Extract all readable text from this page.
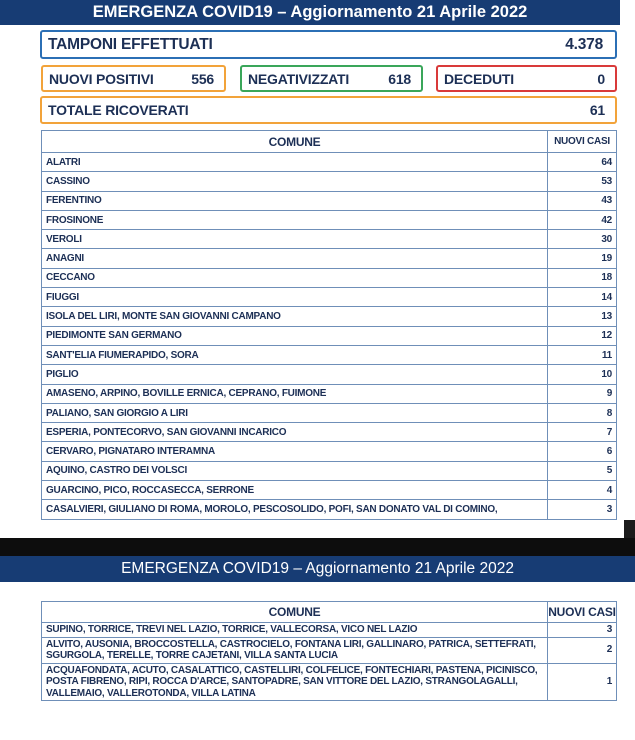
EMERGENZA COVID19 – Aggiornamento 21 Aprile 2022
TAMPONI EFFETTUATI	4.378
NUOVI POSITIVI	556 NEGATIVIZZATI	618 DECEDUTI	0
TOTALE RICOVERATI	61
COMUNE	NUOVI CASI
ALATRI	64
CASSINO	53
FERENTINO	43
FROSINONE	42
VEROLI	30
ANAGNI	19
CECCANO	18
FIUGGI	14
ISOLA DEL LIRI, MONTE SAN GIOVANNI CAMPANO	13
PIEDIMONTE SAN GERMANO	12
SANT'ELIA FIUMERAPIDO, SORA	11
PIGLIO	10
AMASENO, ARPINO, BOVILLE ERNICA, CEPRANO, FUIMONE	9
PALIANO, SAN GIORGIO A LIRI	8
ESPERIA, PONTECORVO, SAN GIOVANNI INCARICO	7
CERVARO, PIGNATARO INTERAMNA	6
AQUINO, CASTRO DEI VOLSCI	5
GUARCINO, PICO, ROCCASECCA, SERRONE	4
CASALVIERI, GIULIANO DI ROMA, MOROLO, PESCOSOLIDO, POFI, SAN DONATO VAL DI COMINO,	3
EMERGENZA COVID19 – Aggiornamento 21 Aprile 2022
COMUNE	NUOVI CASI
SUPINO, TORRICE, TREVI NEL LAZIO, TORRICE, VALLECORSA, VICO NEL LAZIO	3
ALVITO, AUSONIA, BROCCOSTELLA, CASTROCIELO, FONTANA LIRI, GALLINARO, PATRICA, SETTEFRATI, SGURGOLA, TERELLE, TORRE CAJETANI, VILLA SANTA LUCIA	2
ACQUAFONDATA, ACUTO, CASALATTICO, CASTELLIRI, COLFELICE, FONTECHIARI, PASTENA, PICINISCO, POSTA FIBRENO, RIPI, ROCCA D'ARCE, SANTOPADRE, SAN VITTORE DEL LAZIO, STRANGOLAGALLI, VALLEMAIO, VALLEROTONDA, VILLA LATINA	1
